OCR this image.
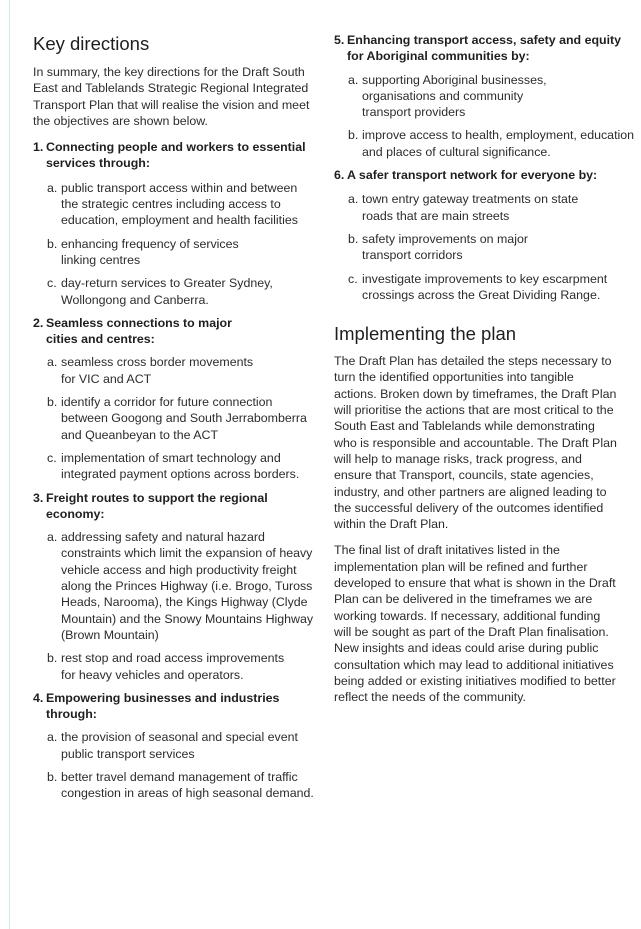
Key directions

In summary, the key directions for the Draft South East and Tablelands Strategic Regional Integrated Transport Plan that will realise the vision and meet the objectives are shown below.

1. Connecting people and workers to essential services through:
a. public transport access within and between the strategic centres including access to education, employment and health facilities
b. enhancing frequency of services linking centres
c. day-return services to Greater Sydney, Wollongong and Canberra.
2. Seamless connections to major cities and centres:
a. seamless cross border movements for VIC and ACT
b. identify a corridor for future connection between Googong and South Jerrabomberra and Queanbeyan to the ACT
c. implementation of smart technology and integrated payment options across borders.
3. Freight routes to support the regional economy:
a. addressing safety and natural hazard constraints which limit the expansion of heavy vehicle access and high productivity freight along the Princes Highway (i.e. Brogo, Tuross Heads, Narooma), the Kings Highway (Clyde Mountain) and the Snowy Mountains Highway (Brown Mountain)
b. rest stop and road access improvements for heavy vehicles and operators.
4. Empowering businesses and industries through:
a. the provision of seasonal and special event public transport services
b. better travel demand management of traffic congestion in areas of high seasonal demand.
5. Enhancing transport access, safety and equity for Aboriginal communities by:
a. supporting Aboriginal businesses, organisations and community transport providers
b. improve access to health, employment, education and places of cultural significance.
6. A safer transport network for everyone by:
a. town entry gateway treatments on state roads that are main streets
b. safety improvements on major transport corridors
c. investigate improvements to key escarpment crossings across the Great Dividing Range.
Implementing the plan

The Draft Plan has detailed the steps necessary to turn the identified opportunities into tangible actions. Broken down by timeframes, the Draft Plan will prioritise the actions that are most critical to the South East and Tablelands while demonstrating who is responsible and accountable. The Draft Plan will help to manage risks, track progress, and ensure that Transport, councils, state agencies, industry, and other partners are aligned leading to the successful delivery of the outcomes identified within the Draft Plan.

The final list of draft initatives listed in the implementation plan will be refined and further developed to ensure that what is shown in the Draft Plan can be delivered in the timeframes we are working towards. If necessary, additional funding will be sought as part of the Draft Plan finalisation. New insights and ideas could arise during public consultation which may lead to additional initiatives being added or existing initiatives modified to better reflect the needs of the community.
